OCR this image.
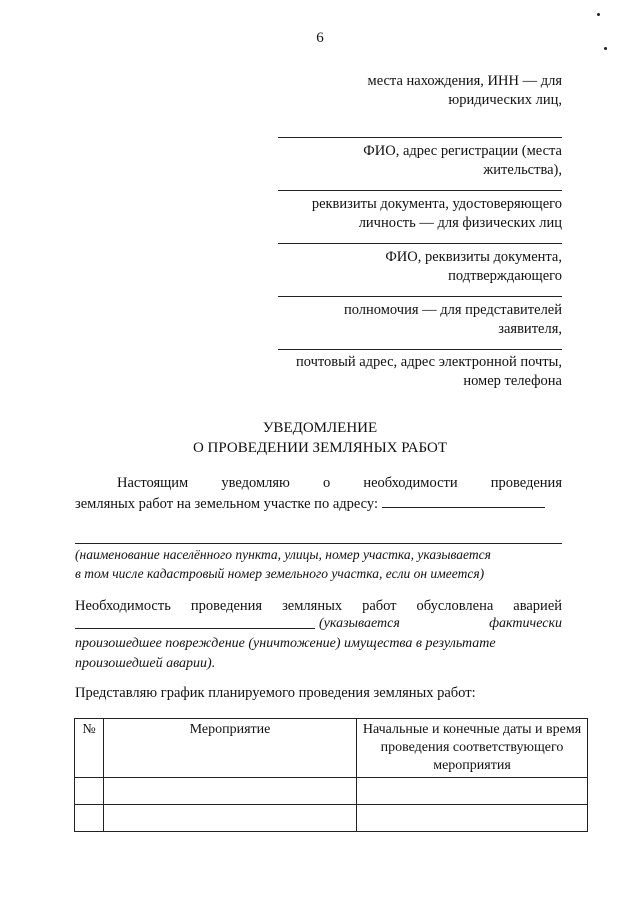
6
места нахождения, ИНН — для
юридических лиц,
ФИО, адрес регистрации (места
жительства),
реквизиты документа, удостоверяющего
личность — для физических лиц
ФИО, реквизиты документа,
подтверждающего
полномочия — для представителей
заявителя,
почтовый адрес, адрес электронной почты,
номер телефона
УВЕДОМЛЕНИЕ
О ПРОВЕДЕНИИ ЗЕМЛЯНЫХ РАБОТ
Настоящим уведомляю о необходимости проведения
земляных работ на земельном участке по адресу:
(наименование населённого пункта, улицы, номер участка, указывается
в том числе кадастровый номер земельного участка, если он имеется)
Необходимость проведения земляных работ обусловлена аварией
(указывается	фактически
произошедшее повреждение (уничтожение) имущества в результате
произошедшей аварии).
Представляю график планируемого проведения земляных работ:
№	Мероприятие	Начальные и конечные даты и время проведения соответствующего мероприятия
